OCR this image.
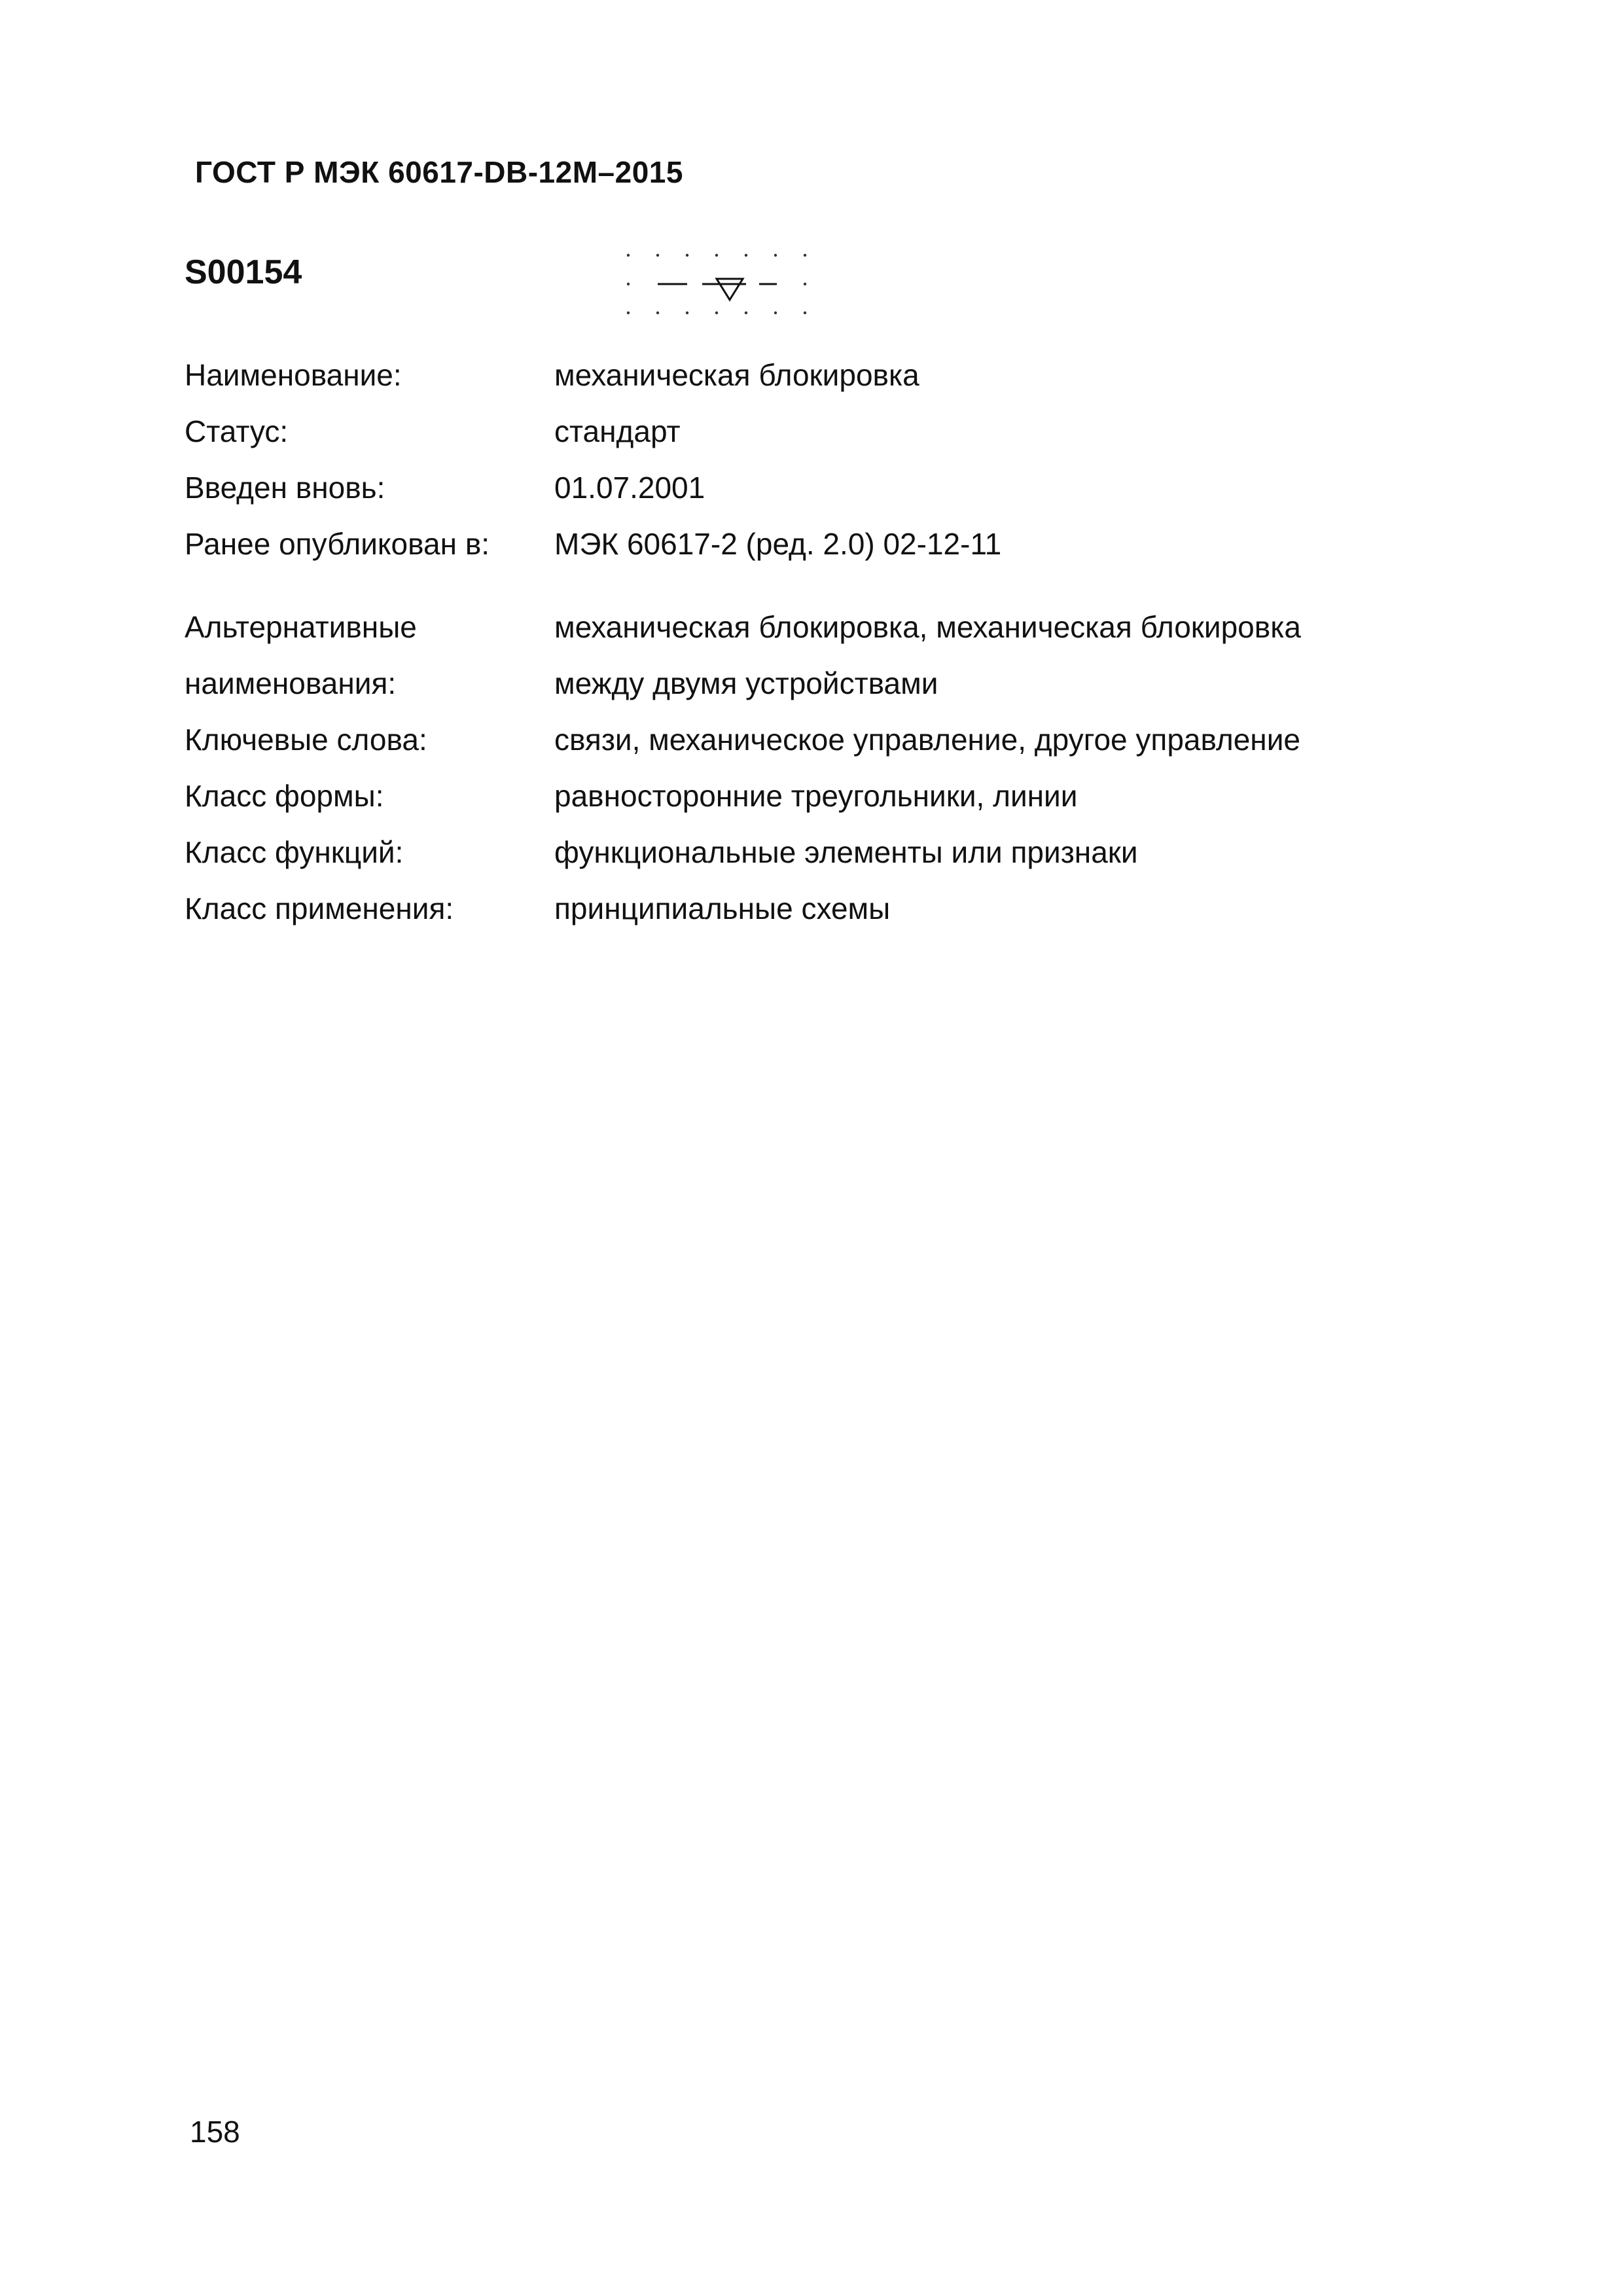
ГОСТ Р МЭК 60617-DB-12M–2015
S00154
Наименование:	механическая блокировка
Статус:	стандарт
Введен вновь:	01.07.2001
Ранее опубликован в:	МЭК 60617-2 (ред. 2.0) 02-12-11
Альтернативные	механическая блокировка, механическая блокировка
наименования:	между двумя устройствами
Ключевые слова:	связи, механическое управление, другое управление
Класс формы:	равносторонние треугольники, линии
Класс функций:	функциональные элементы или признаки
Класс применения:	принципиальные схемы
158
